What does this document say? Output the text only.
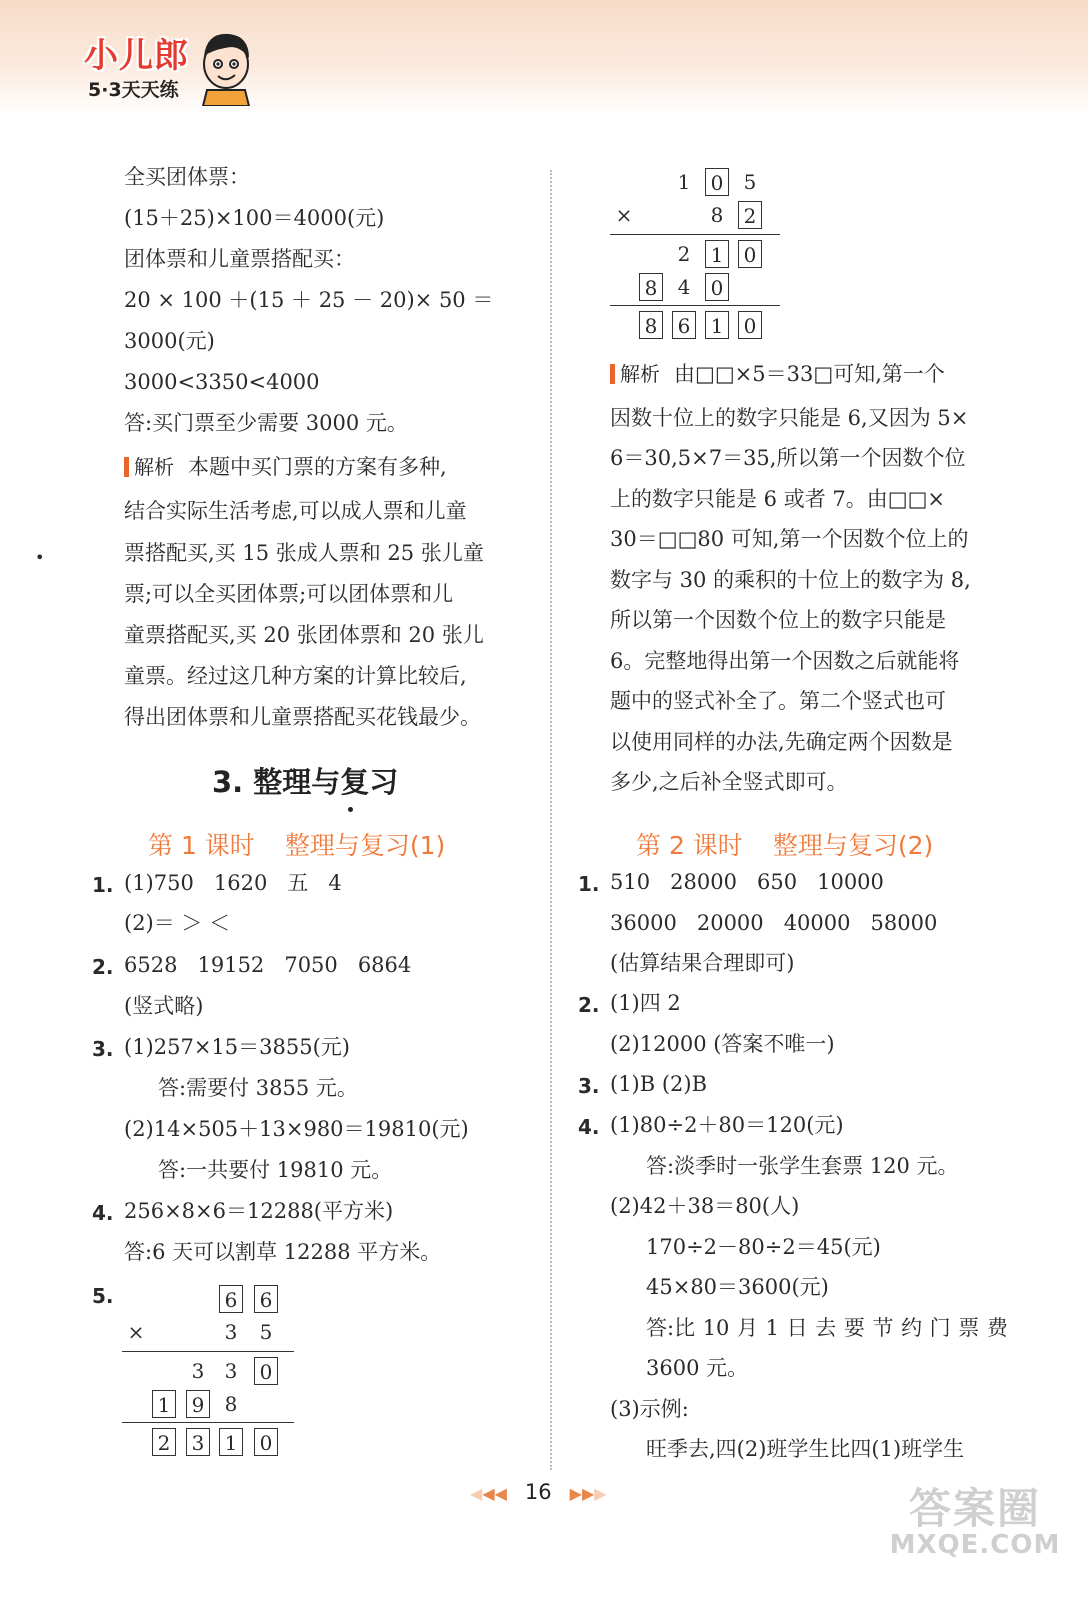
小儿郎
5·3天天练
•
全买团体票：
(15＋25)×100＝4000(元)
团体票和儿童票搭配买：
20 × 100 ＋(15 ＋ 25 － 20)× 50 ＝
3000(元)
3000<3350<4000
答:买门票至少需要 3000 元。
解析 本题中买门票的方案有多种,
结合实际生活考虑,可以成人票和儿童
票搭配买,买 15 张成人票和 25 张儿童
票;可以全买团体票;可以团体票和儿
童票搭配买,买 20 张团体票和 20 张儿
童票。经过这几种方案的计算比较后,
得出团体票和儿童票搭配买花钱最少。
3. 整理与复习
第 1 课时 整理与复习(1)	第 2 课时 整理与复习(2)
1. (1)750 1620 五 4
(2)＝ ＞ ＜
2. 6528 19152 7050 6864
(竖式略)
3. (1)257×15＝3855(元)
答:需要付 3855 元。
(2)14×505＋13×980＝19810(元)
答:一共要付 19810 元。
4. 256×8×6＝12288(平方米)
答:6 天可以割草 12288 平方米。
5.	6 6
×	3 5
3 3 0
1 9 8
2 3 1 0
1 0 5
×	8 2
2 1 0
8 4 0
8 6 1 0
解析 由□□×5＝33□可知,第一个
因数十位上的数字只能是 6,又因为 5×
6＝30,5×7＝35,所以第一个因数个位
上的数字只能是 6 或者 7。由□□×
30＝□□80 可知,第一个因数个位上的
数字与 30 的乘积的十位上的数字为 8,
所以第一个因数个位上的数字只能是
6。完整地得出第一个因数之后就能将
题中的竖式补全了。第二个竖式也可
以使用同样的办法,先确定两个因数是
多少,之后补全竖式即可。
1. 510 28000 650 10000
36000 20000 40000 58000
(估算结果合理即可)
2. (1)四 2
(2)12000 (答案不唯一)
3. (1)B (2)B
4. (1)80÷2＋80＝120(元)
答:淡季时一张学生套票 120 元。
(2)42＋38＝80(人)
170÷2－80÷2＝45(元)
45×80＝3600(元)
答:比 10 月 1 日 去 要 节 约 门 票 费
3600 元。
(3)示例:
旺季去,四(2)班学生比四(1)班学生
◀◀◀ 16 ▶▶▶	答案圈
MXQE.COM
